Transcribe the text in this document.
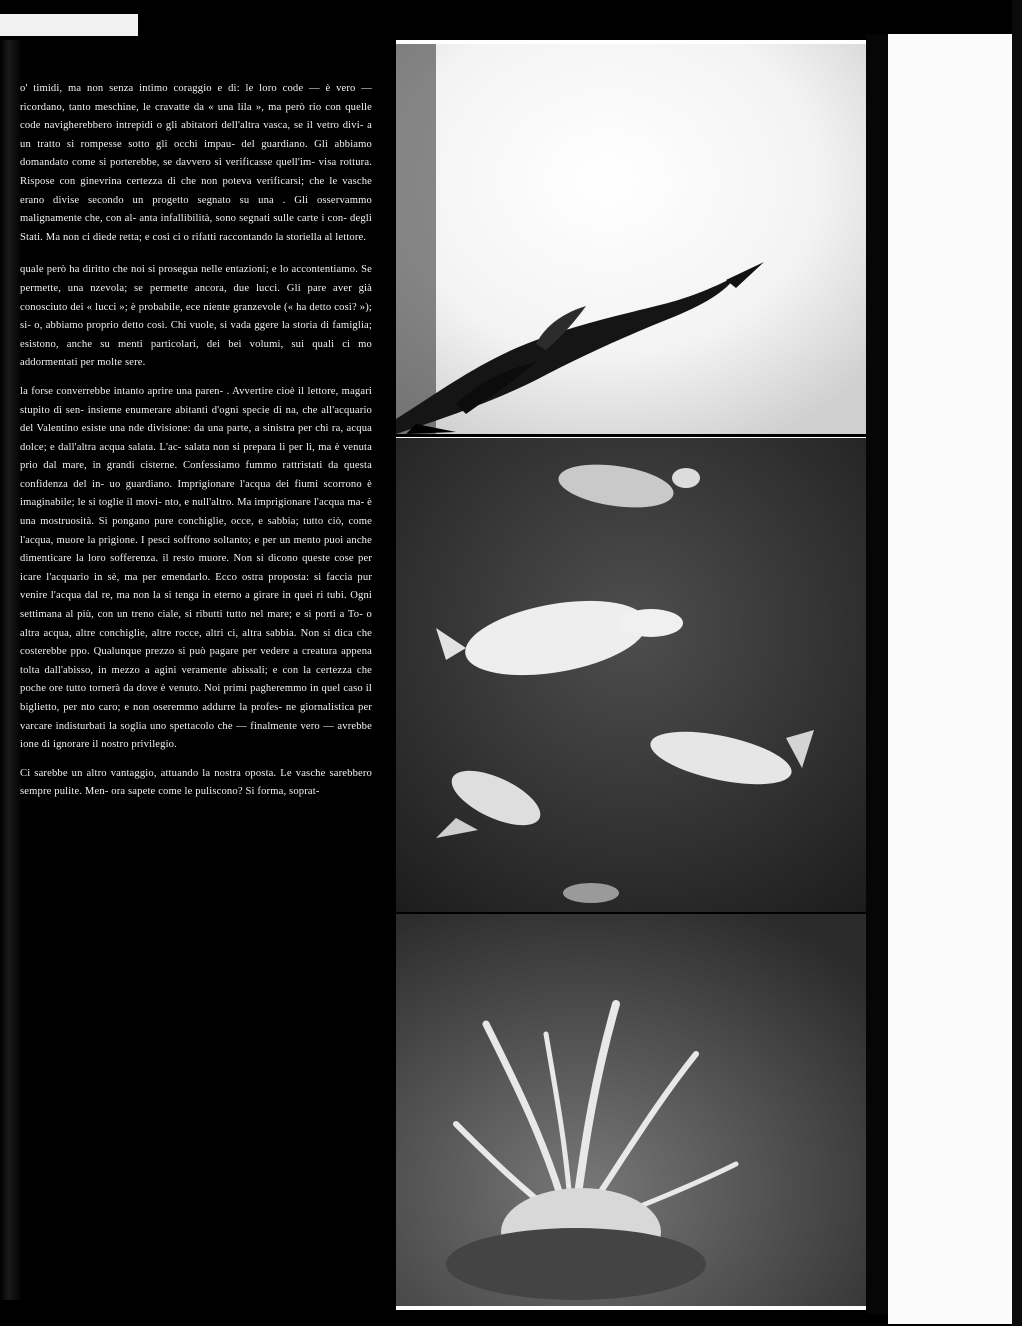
o' timidi, ma non senza intimo coraggio e di: le loro code — è vero — ricordano, tanto meschine, le cravatte da « una lila », ma però rio con quelle code navigherebbero intrepidi o gli abitatori dell'altra vasca, se il vetro divi- a un tratto si rompesse sotto gli occhi impau- del guardiano. Gli abbiamo domandato come si porterebbe, se davvero si verificasse quell'im- visa rottura. Rispose con ginevrina certezza di che non poteva verificarsi; che le vasche erano divise secondo un progetto segnato su una . Gli osservammo malignamente che, con al- anta infallibilità, sono segnati sulle carte i con- degli Stati. Ma non ci diede retta; e così ci o rifatti raccontando la storiella al lettore.

quale però ha diritto che noi si prosegua nelle entazioni; e lo accontentiamo. Se permette, una nzevola; se permette ancora, due lucci. Gli pare aver già conosciuto dei « lucci »; è probabile, ece niente granzevole (« ha detto così? »); si- o, abbiamo proprio detto così. Chi vuole, si vada ggere la storia di famiglia; esistono, anche su menti particolari, dei bei volumi, sui quali ci mo addormentati per molte sere.

la forse converrebbe intanto aprire una paren- . Avvertire cioè il lettore, magari stupito di sen- insieme enumerare abitanti d'ogni specie di na, che all'acquario del Valentino esiste una nde divisione: da una parte, a sinistra per chi ra, acqua dolce; e dall'altra acqua salata. L'ac- salata non si prepara lì per lì, ma è venuta prio dal mare, in grandi cisterne. Confessiamo fummo rattristati da questa confidenza del in- uo guardiano. Imprigionare l'acqua dei fiumi scorrono è imaginabile; le si toglie il movi- nto, e null'altro. Ma imprigionare l'acqua ma- è una mostruosità. Si pongano pure conchiglie, occe, e sabbia; tutto ciò, come l'acqua, muore la prigione. I pesci soffrono soltanto; e per un mento puoi anche dimenticare la loro sofferenza. il resto muore. Non si dicono queste cose per icare l'acquario in sè, ma per emendarlo. Ecco ostra proposta: si faccia pur venire l'acqua dal re, ma non la si tenga in eterno a girare in quei ri tubi. Ogni settimana al più, con un treno ciale, si ributti tutto nel mare; e si porti a To- o altra acqua, altre conchiglie, altre rocce, altri ci, altra sabbia. Non si dica che costerebbe ppo. Qualunque prezzo si può pagare per vedere a creatura appena tolta dall'abisso, in mezzo a agini veramente abissali; e con la certezza che poche ore tutto tornerà da dove è venuto. Noi primi pagheremmo in quel caso il biglietto, per nto caro; e non oseremmo addurre la profes- ne giornalistica per varcare indisturbati la soglia uno spettacolo che — finalmente vero — avrebbe ione di ignorare il nostro privilegio.

Ci sarebbe un altro vantaggio, attuando la nostra oposta. Le vasche sarebbero sempre pulite. Men- ora sapete come le puliscono? Si forma, soprat-
